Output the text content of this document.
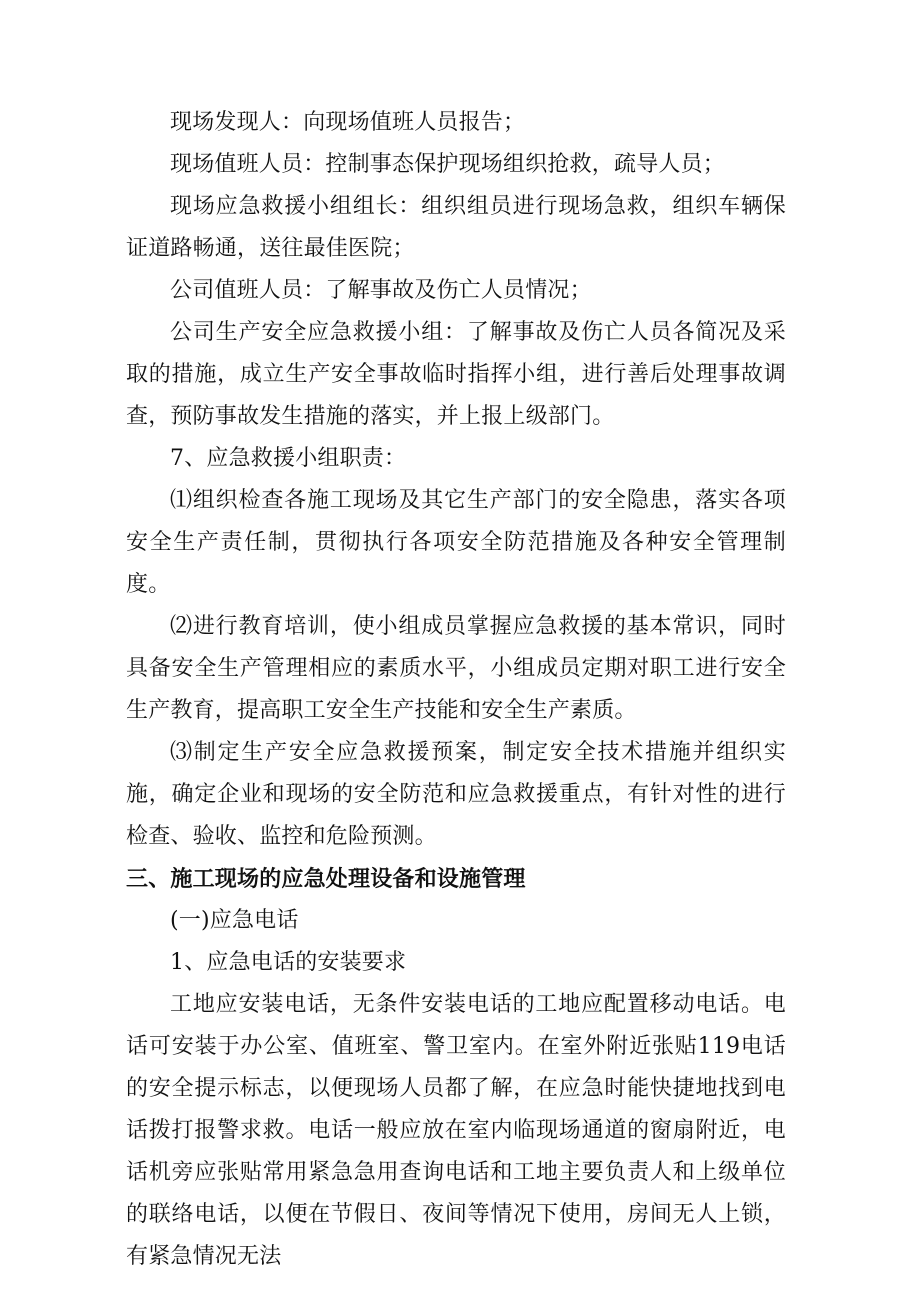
现场发现人：向现场值班人员报告；

现场值班人员：控制事态保护现场组织抢救，疏导人员；

现场应急救援小组组长：组织组员进行现场急救，组织车辆保证道路畅通，送往最佳医院；

公司值班人员：了解事故及伤亡人员情况；

公司生产安全应急救援小组：了解事故及伤亡人员各简况及采取的措施，成立生产安全事故临时指挥小组，进行善后处理事故调查，预防事故发生措施的落实，并上报上级部门。

7、应急救援小组职责：

⑴组织检查各施工现场及其它生产部门的安全隐患，落实各项安全生产责任制，贯彻执行各项安全防范措施及各种安全管理制度。

⑵进行教育培训，使小组成员掌握应急救援的基本常识，同时具备安全生产管理相应的素质水平，小组成员定期对职工进行安全生产教育，提高职工安全生产技能和安全生产素质。

⑶制定生产安全应急救援预案，制定安全技术措施并组织实施，确定企业和现场的安全防范和应急救援重点，有针对性的进行检查、验收、监控和危险预测。

三、施工现场的应急处理设备和设施管理

(一)应急电话

1、应急电话的安装要求

工地应安装电话，无条件安装电话的工地应配置移动电话。电话可安装于办公室、值班室、警卫室内。在室外附近张贴119电话的安全提示标志，以便现场人员都了解，在应急时能快捷地找到电话拨打报警求救。电话一般应放在室内临现场通道的窗扇附近，电话机旁应张贴常用紧急急用查询电话和工地主要负责人和上级单位的联络电话，以便在节假日、夜间等情况下使用，房间无人上锁，有紧急情况无法
